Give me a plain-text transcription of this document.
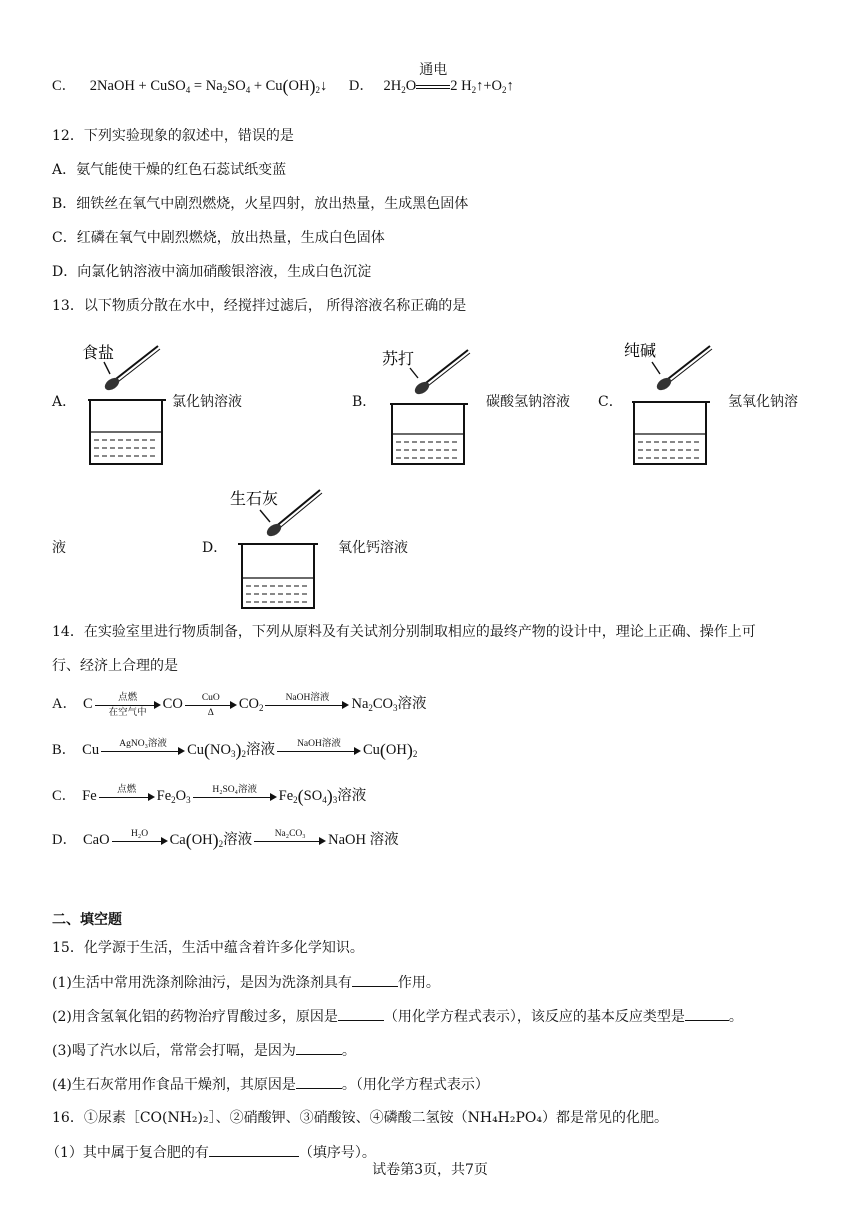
C． 2NaOH + CuSO$_4$ = $Na_2SO_4$ + $Cu(OH)_2↓$ D． $2H_2O$
通电
2 $H_2↑+O_2↑$
12．下列实验现象的叙述中，错误的是
A．氨气能使干燥的红色石蕊试纸变蓝
B．细铁丝在氧气中剧烈燃烧，火星四射，放出热量，生成黑色固体
C．红磷在氧气中剧烈燃烧，放出热量，生成白色固体
D．向氯化钠溶液中滴加硝酸银溶液，生成白色沉淀
13．以下物质分散在水中，经搅拌过滤后， 所得溶液名称正确的是
A．
食盐
氯化钠溶液	B．
苏打
碳酸氢钠溶液 C．
纯碱
氢氧化钠溶
液	D．
生石灰
氧化钙溶液
14．在实验室里进行物质制备，下列从原料及有关试剂分别制取相应的最终产物的设计中，理论上正确、操作上可
行、经济上合理的是
A． C	点燃
在空气中
CO	CuO
Δ
$CO_2$
NaOH溶液	$Na_2CO_3$溶液
B． Cu	AgNO₃溶液	$Cu(NO_3)_2$溶液	NaOH溶液	$Cu(OH)_2$
C． Fe	点燃	$Fe_2O_3$
H₂SO₄溶液	$Fe_2(SO_4)_3$溶液
D． CaO	H₂O	$Ca(OH)_2$溶液	Na₂CO₃	NaOH 溶液
二、填空题
15．化学源于生活，生活中蕴含着许多化学知识。
(1)生活中常用洗涤剂除油污，是因为洗涤剂具有	作用。
(2)用含氢氧化铝的药物治疗胃酸过多，原因是	（用化学方程式表示），该反应的基本反应类型是	。
(3)喝了汽水以后，常常会打嗝，是因为	。
(4)生石灰常用作食品干燥剂，其原因是	。（用化学方程式表示）
16．①尿素［CO(NH₂)₂］、②硝酸钾、③硝酸铵、④磷酸二氢铵（NH₄H₂PO₄）都是常见的化肥。
（1）其中属于复合肥的有	（填序号）。
试卷第3页，共7页
